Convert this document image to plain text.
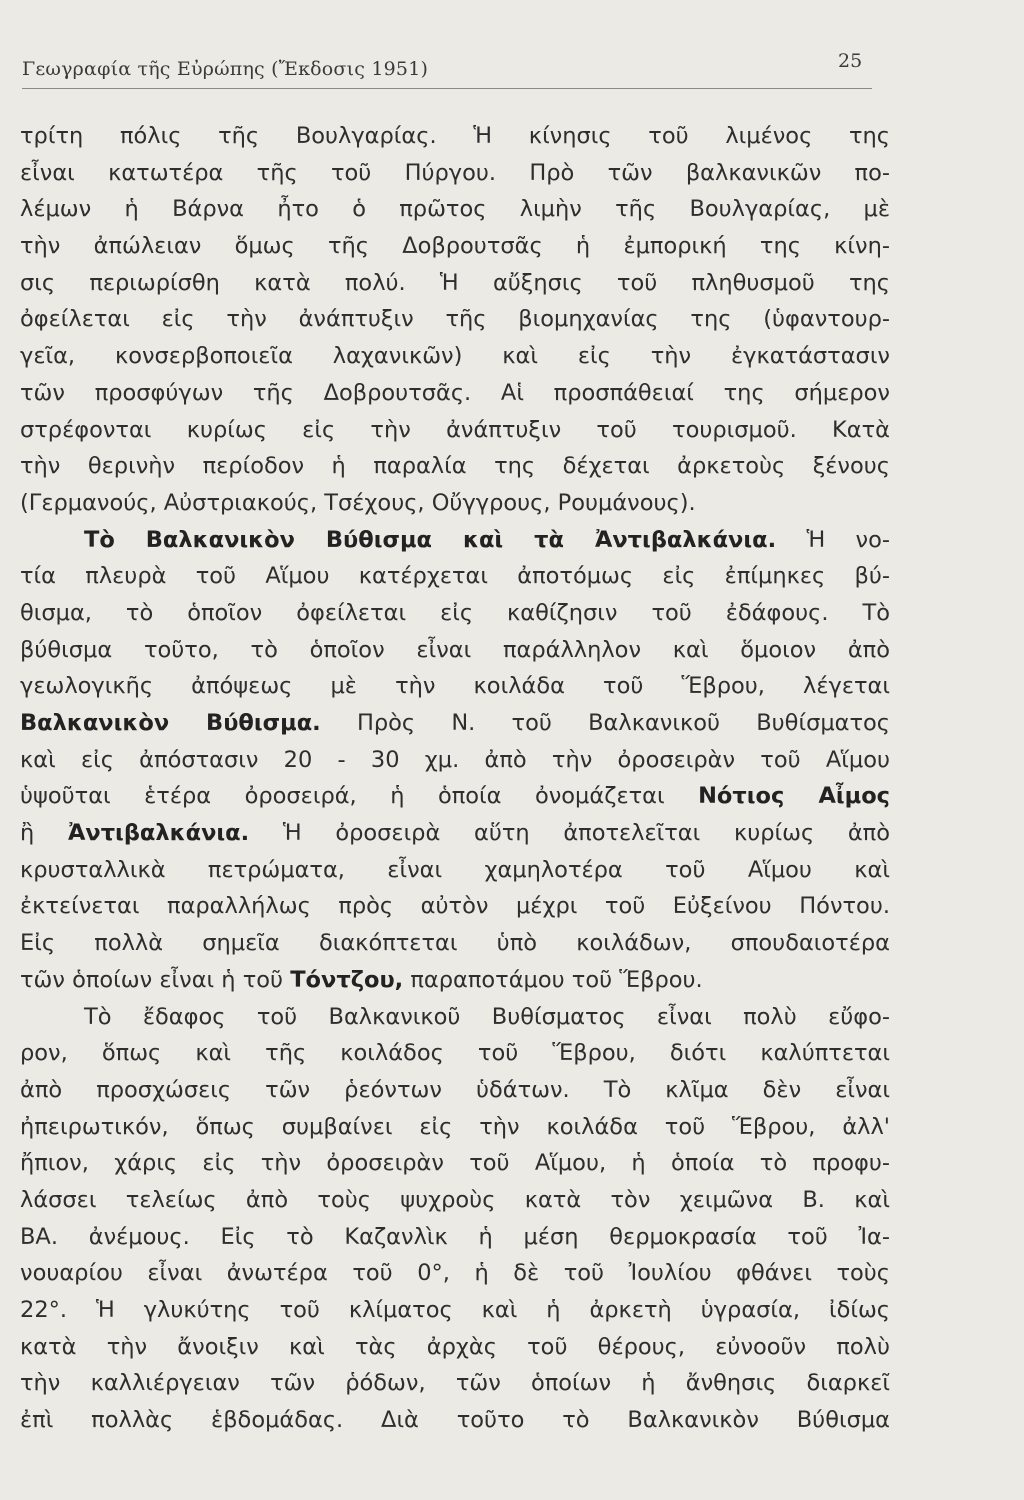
Γεωγραφία τῆς Εὐρώπης (Ἔκδοσις 1951)	25
τρίτη πόλις τῆς Βουλγαρίας. Ἡ κίνησις τοῦ λιμένος της
εἶναι κατωτέρα τῆς τοῦ Πύργου. Πρὸ τῶν βαλκανικῶν πο-
λέμων ἡ Βάρνα ἦτο ὁ πρῶτος λιμὴν τῆς Βουλγαρίας, μὲ
τὴν ἀπώλειαν ὅμως τῆς Δοβρουτσᾶς ἡ ἐμπορική της κίνη-
σις περιωρίσθη κατὰ πολύ. Ἡ αὔξησις τοῦ πληθυσμοῦ της
ὀφείλεται εἰς τὴν ἀνάπτυξιν τῆς βιομηχανίας της (ὑφαντουρ-
γεῖα, κονσερβοποιεῖα λαχανικῶν) καὶ εἰς τὴν ἐγκατάστασιν
τῶν προσφύγων τῆς Δοβρουτσᾶς. Αἱ προσπάθειαί της σήμερον
στρέφονται κυρίως εἰς τὴν ἀνάπτυξιν τοῦ τουρισμοῦ. Κατὰ
τὴν θερινὴν περίοδον ἡ παραλία της δέχεται ἀρκετοὺς ξένους
(Γερμανούς, Αὐστριακούς, Τσέχους, Οὔγγρους, Ρουμάνους).
Τὸ Βαλκανικὸν Βύθισμα καὶ τὰ Ἀντιβαλκάνια. Ἡ νο-
τία πλευρὰ τοῦ Αἵμου κατέρχεται ἀποτόμως εἰς ἐπίμηκες βύ-
θισμα, τὸ ὁποῖον ὀφείλεται εἰς καθίζησιν τοῦ ἐδάφους. Τὸ
βύθισμα τοῦτο, τὸ ὁποῖον εἶναι παράλληλον καὶ ὅμοιον ἀπὸ
γεωλογικῆς ἀπόψεως μὲ τὴν κοιλάδα τοῦ Ἕβρου, λέγεται
Βαλκανικὸν Βύθισμα. Πρὸς Ν. τοῦ Βαλκανικοῦ Βυθίσματος
καὶ εἰς ἀπόστασιν 20 - 30 χμ. ἀπὸ τὴν ὀροσειρὰν τοῦ Αἵμου
ὑψοῦται ἑτέρα ὀροσειρά, ἡ ὁποία ὀνομάζεται Νότιος Αἶμος
ἢ Ἀντιβαλκάνια. Ἡ ὀροσειρὰ αὕτη ἀποτελεῖται κυρίως ἀπὸ
κρυσταλλικὰ πετρώματα, εἶναι χαμηλοτέρα τοῦ Αἵμου καὶ
ἐκτείνεται παραλλήλως πρὸς αὐτὸν μέχρι τοῦ Εὐξείνου Πόντου.
Εἰς πολλὰ σημεῖα διακόπτεται ὑπὸ κοιλάδων, σπουδαιοτέρα
τῶν ὁποίων εἶναι ἡ τοῦ Τόντζου, παραποτάμου τοῦ Ἕβρου.
Τὸ ἔδαφος τοῦ Βαλκανικοῦ Βυθίσματος εἶναι πολὺ εὔφο-
ρον, ὅπως καὶ τῆς κοιλάδος τοῦ Ἕβρου, διότι καλύπτεται
ἀπὸ προσχώσεις τῶν ῥεόντων ὑδάτων. Τὸ κλῖμα δὲν εἶναι
ἠπειρωτικόν, ὅπως συμβαίνει εἰς τὴν κοιλάδα τοῦ Ἕβρου, ἀλλ'
ἤπιον, χάρις εἰς τὴν ὀροσειρὰν τοῦ Αἵμου, ἡ ὁποία τὸ προφυ-
λάσσει τελείως ἀπὸ τοὺς ψυχροὺς κατὰ τὸν χειμῶνα Β. καὶ
ΒΑ. ἀνέμους. Εἰς τὸ Καζανλὶκ ἡ μέση θερμοκρασία τοῦ Ἰα-
νουαρίου εἶναι ἀνωτέρα τοῦ 0°, ἡ δὲ τοῦ Ἰουλίου φθάνει τοὺς
22°. Ἡ γλυκύτης τοῦ κλίματος καὶ ἡ ἀρκετὴ ὑγρασία, ἰδίως
κατὰ τὴν ἄνοιξιν καὶ τὰς ἀρχὰς τοῦ θέρους, εὐνοοῦν πολὺ
τὴν καλλιέργειαν τῶν ῥόδων, τῶν ὁποίων ἡ ἄνθησις διαρκεῖ
ἐπὶ πολλὰς ἑβδομάδας. Διὰ τοῦτο τὸ Βαλκανικὸν Βύθισμα
